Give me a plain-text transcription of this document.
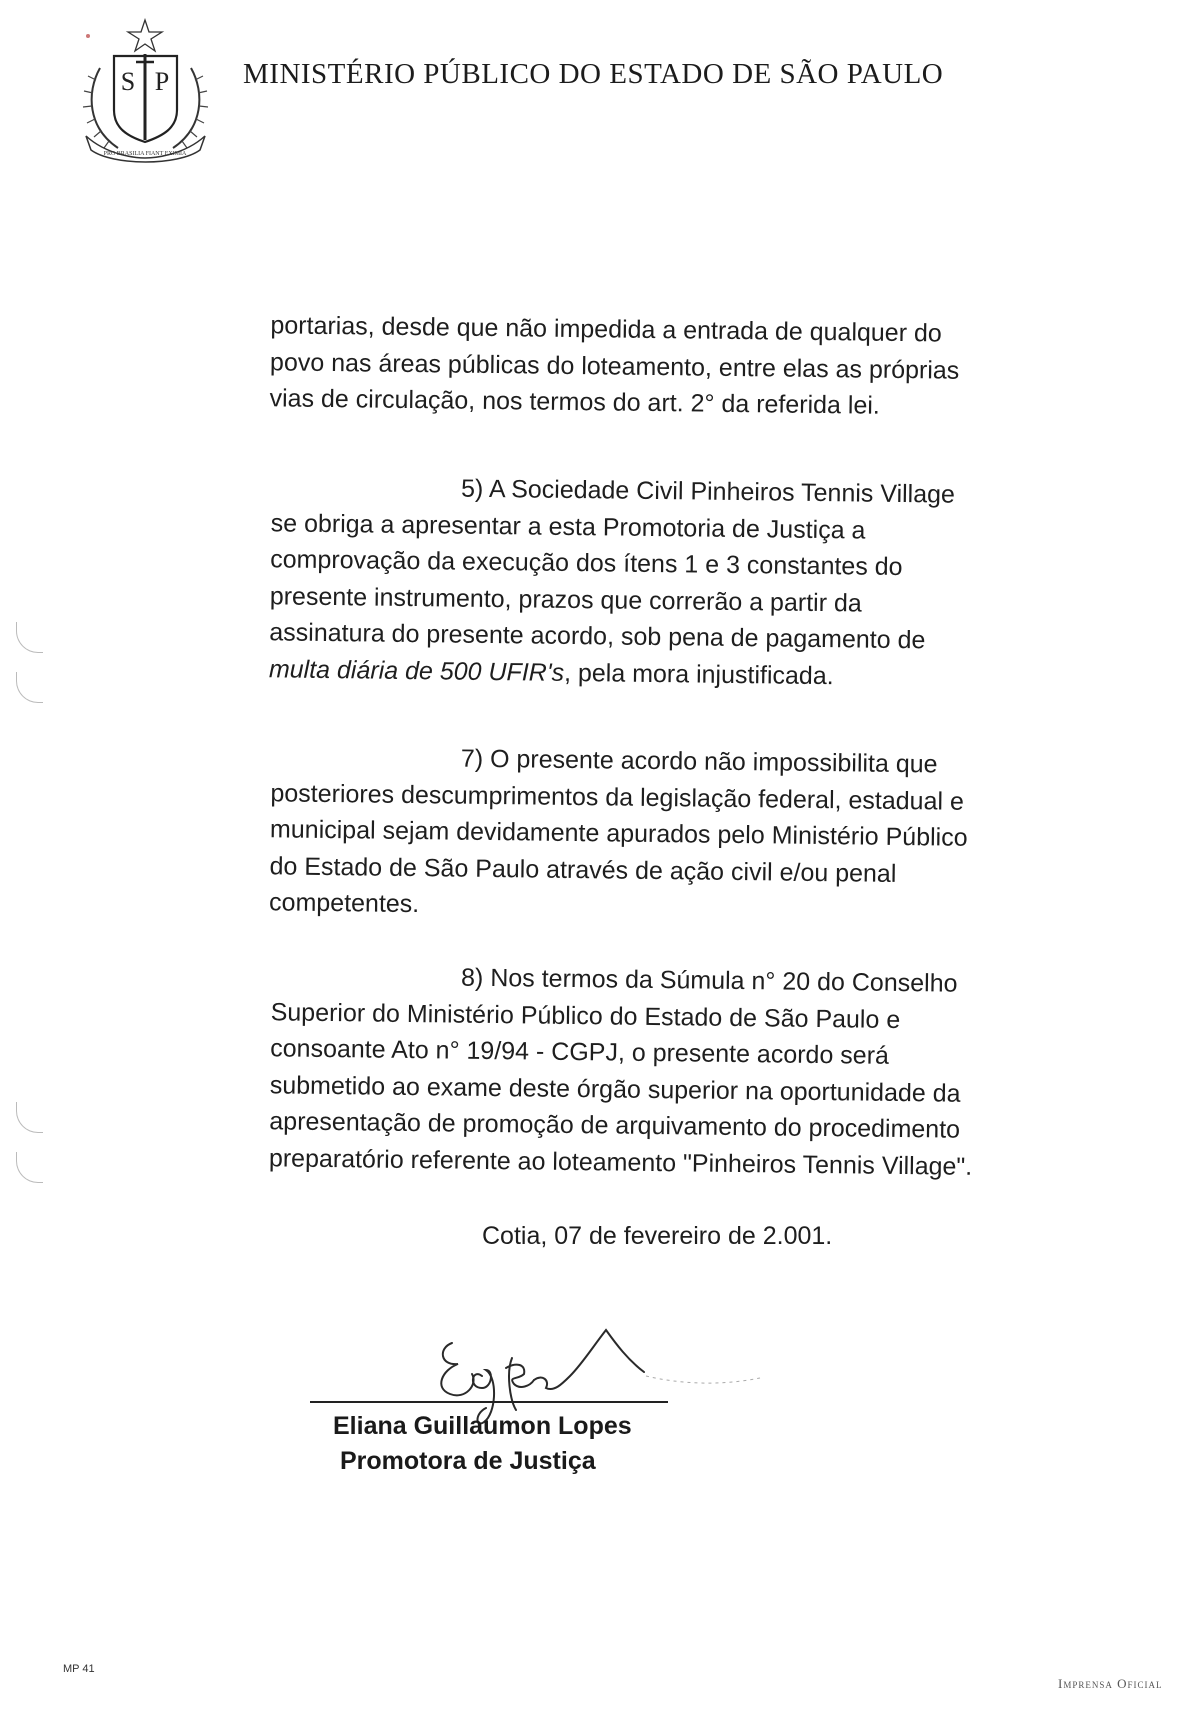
PRO BRASILIA FIANT EXIMIA
S P	MINISTÉRIO PÚBLICO DO ESTADO DE SÃO PAULO
portarias, desde que não impedida a entrada de qualquer do
povo nas áreas públicas do loteamento, entre elas as próprias
vias de circulação, nos termos do art. 2° da referida lei.
5) A Sociedade Civil Pinheiros Tennis Village
se obriga a apresentar a esta Promotoria de Justiça a
comprovação da execução dos ítens 1 e 3 constantes do
presente instrumento, prazos que correrão a partir da
assinatura do presente acordo, sob pena de pagamento de
multa diária de 500 UFIR's, pela mora injustificada.
7) O presente acordo não impossibilita que
posteriores descumprimentos da legislação federal, estadual e
municipal sejam devidamente apurados pelo Ministério Público
do Estado de São Paulo através de ação civil e/ou penal
competentes.
8) Nos termos da Súmula n° 20 do Conselho
Superior do Ministério Público do Estado de São Paulo e
consoante Ato n° 19/94 - CGPJ, o presente acordo será
submetido ao exame deste órgão superior na oportunidade da
apresentação de promoção de arquivamento do procedimento
preparatório referente ao loteamento "Pinheiros Tennis Village".
Cotia, 07 de fevereiro de 2.001.
Eliana Guillaumon Lopes
Promotora de Justiça
MP 41
Imprensa Oficial
